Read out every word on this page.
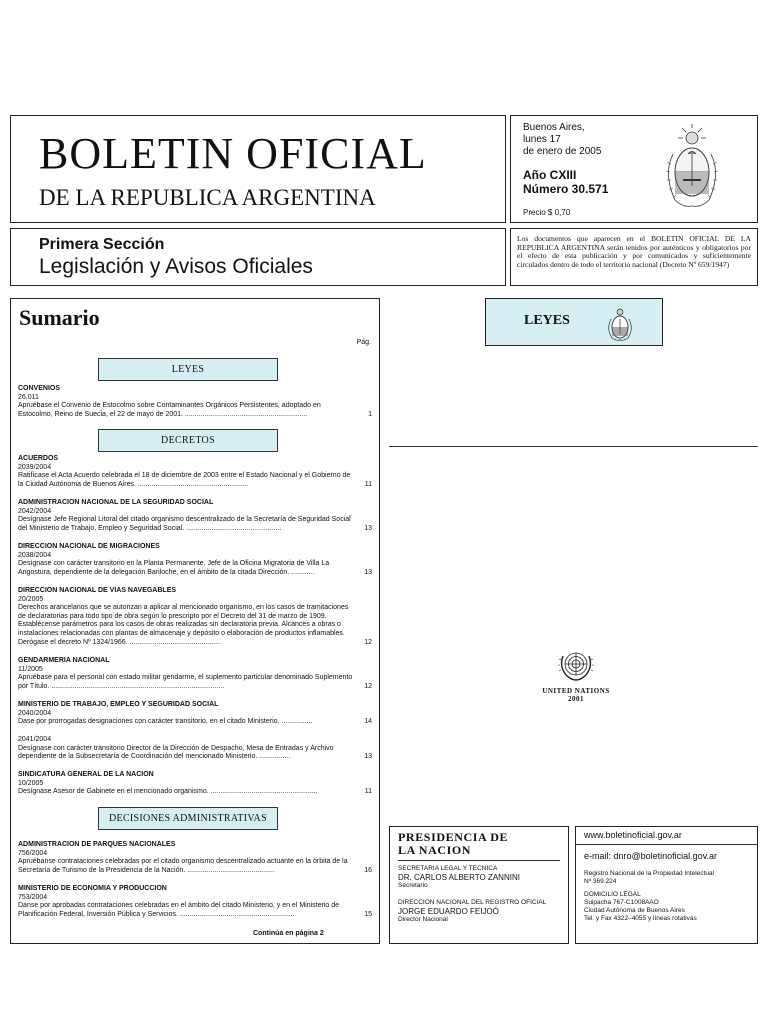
BOLETIN OFICIAL
DE LA REPUBLICA ARGENTINA
Buenos Aires,
lunes 17
de enero de 2005
Año CXIII
Número 30.571
Precio $ 0,70
Primera Sección
Legislación y Avisos Oficiales

Los documentos que aparecen en el BOLETIN OFICIAL DE LA REPUBLICA ARGENTINA serán tenidos por auténticos y obligatorios por el efecto de esta publicación y por comunicados y suficientemente circulados dentro de todo el territorio nacional (Decreto Nº 659/1947)

Sumario
Pág.
LEYES
CONVENIOS
26.011
Apruébase el Convenio de Estocolmo sobre Contaminantes Orgánicos Persistentes, adoptado en Estocolmo, Reino de Suecia, el 22 de mayo de 2001. ...............................................................	1
DECRETOS
ACUERDOS
2039/2004
Ratifícase el Acta Acuerdo celebrada el 18 de diciembre de 2003 entre el Estado Nacional y el Gobierno de la Ciudad Autónoma de Buenos Aires. .........................................................	11
ADMINISTRACION NACIONAL DE LA SEGURIDAD SOCIAL
2042/2004
Desígnase Jefe Regional Litoral del citado organismo descentralizado de la Secretaría de Seguridad Social del Ministerio de Trabajo, Empleo y Seguridad Social. .................................................	13
DIRECCION NACIONAL DE MIGRACIONES
2038/2004
Desígnase con carácter transitorio en la Planta Permanente, Jefe de la Oficina Migratoria de Villa La Angostura, dependiente de la delegación Bariloche, en el ámbito de la citada Dirección. ............	13
DIRECCION NACIONAL DE VIAS NAVEGABLES
20/2005
Derechos arancelarios que se autorizan a aplicar al mencionado organismo, en los casos de tramitaciones de declaratorias para todo tipo de obra según lo prescripto por el Decreto del 31 de marzo de 1909. Establécense parámetros para los casos de obras realizadas sin declaratoria previa. Alcances a obras o instalaciones relacionadas con plantas de almacenaje y depósito o elaboración de productos inflamables. Derógase el decreto Nº 1324/1966. ...............................................	12
GENDARMERIA NACIONAL
11/2005
Apruébase para el personal con estado militar gendarme, el suplemento particular denominado Suplemento por Título. .........................................................................................	12
MINISTERIO DE TRABAJO, EMPLEO Y SEGURIDAD SOCIAL
2040/2004
Dase por prorrogadas designaciones con carácter transitorio, en el citado Ministerio. ................	14
2041/2004
Desígnase con carácter transitorio Director de la Dirección de Despacho, Mesa de Entradas y Archivo dependiente de la Subsecretaría de Coordinación del mencionado Ministerio. ................	13
SINDICATURA GENERAL DE LA NACION
10/2005
Desígnase Asesor de Gabinete en el mencionado organismo. .......................................................	11
DECISIONES ADMINISTRATIVAS
ADMINISTRACION DE PARQUES NACIONALES
756/2004
Apruébanse contrataciones celebradas por el citado organismo descentralizado actuante en la órbita de la Secretaría de Turismo de la Presidencia de la Nación. .............................................	16
MINISTERIO DE ECONOMIA Y PRODUCCION
753/2004
Danse por aprobadas contrataciones celebradas en el ámbito del citado Ministerio, y en el Ministerio de Planificación Federal, Inversión Pública y Servicios. ...........................................................	15
Continúa en página 2
LEYES
UNITED NATIONS
2001
PRESIDENCIA DE
LA NACION
SECRETARIA LEGAL Y TECNICA
DR. CARLOS ALBERTO ZANNINI
Secretario
DIRECCION NACIONAL DEL REGISTRO OFICIAL
JORGE EDUARDO FEIJOÓ
Director Nacional
www.boletinoficial.gov.ar
e-mail: dnro@boletinoficial.gov.ar
Registro Nacional de la Propiedad Intelectual
Nº 369.224
DOMICILIO LEGAL
Suipacha 767-C1008AAO
Ciudad Autónoma de Buenos Aires
Tel. y Fax 4322–4055 y líneas rotativas
